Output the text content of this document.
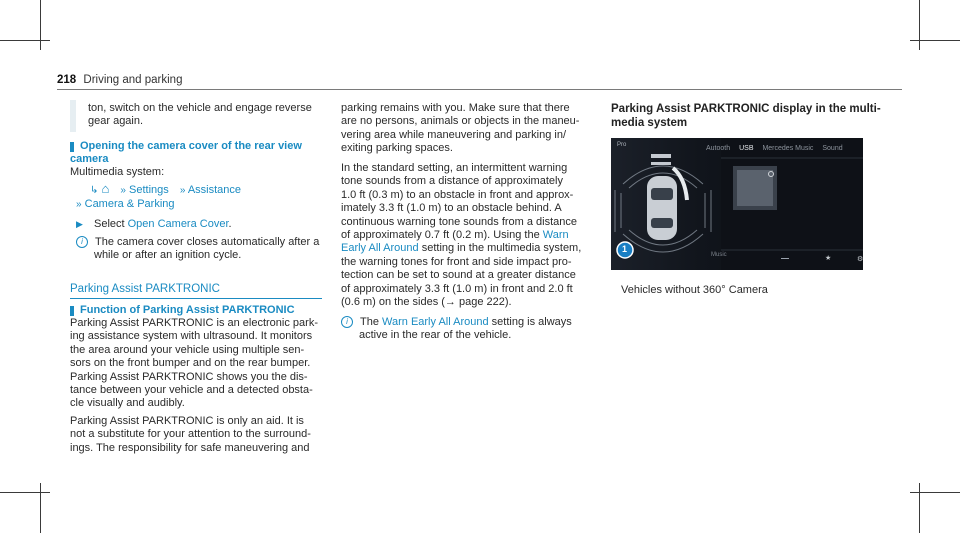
218 Driving and parking
ton, switch on the vehicle and engage reverse
gear again.
Opening the camera cover of the rear view
camera
Multimedia system:
↳ ⌂ » Settings » Assistance
» Camera & Parking
▶ Select Open Camera Cover.
i The camera cover closes automatically after a
while or after an ignition cycle.
Parking Assist PARKTRONIC
Function of Parking Assist PARKTRONIC
Parking Assist PARKTRONIC is an electronic park-
ing assistance system with ultrasound. It monitors
the area around your vehicle using multiple sen-
sors on the front bumper and on the rear bumper.
Parking Assist PARKTRONIC shows you the dis-
tance between your vehicle and a detected obsta-
cle visually and audibly.
Parking Assist PARKTRONIC is only an aid. It is
not a substitute for your attention to the surround-
ings. The responsibility for safe maneuvering and
parking remains with you. Make sure that there
are no persons, animals or objects in the maneu-
vering area while maneuvering and parking in/
exiting parking spaces.
In the standard setting, an intermittent warning
tone sounds from a distance of approximately
1.0 ft (0.3 m) to an obstacle in front and approx-
imately 3.3 ft (1.0 m) to an obstacle behind. A
continuous warning tone sounds from a distance
of approximately 0.7 ft (0.2 m). Using the Warn
Early All Around setting in the multimedia system,
the warning tones for front and side impact pro-
tection can be set to sound at a greater distance
of approximately 3.3 ft (1.0 m) in front and 2.0 ft
(0.6 m) on the sides (→ page 222).
i The Warn Early All Around setting is always
active in the rear of the vehicle.
Parking Assist PARKTRONIC display in the multi-
media system
★	⚙
Pro	Autooth USB Mercedes Music Sound
Music
1
Vehicles without 360° Camera
